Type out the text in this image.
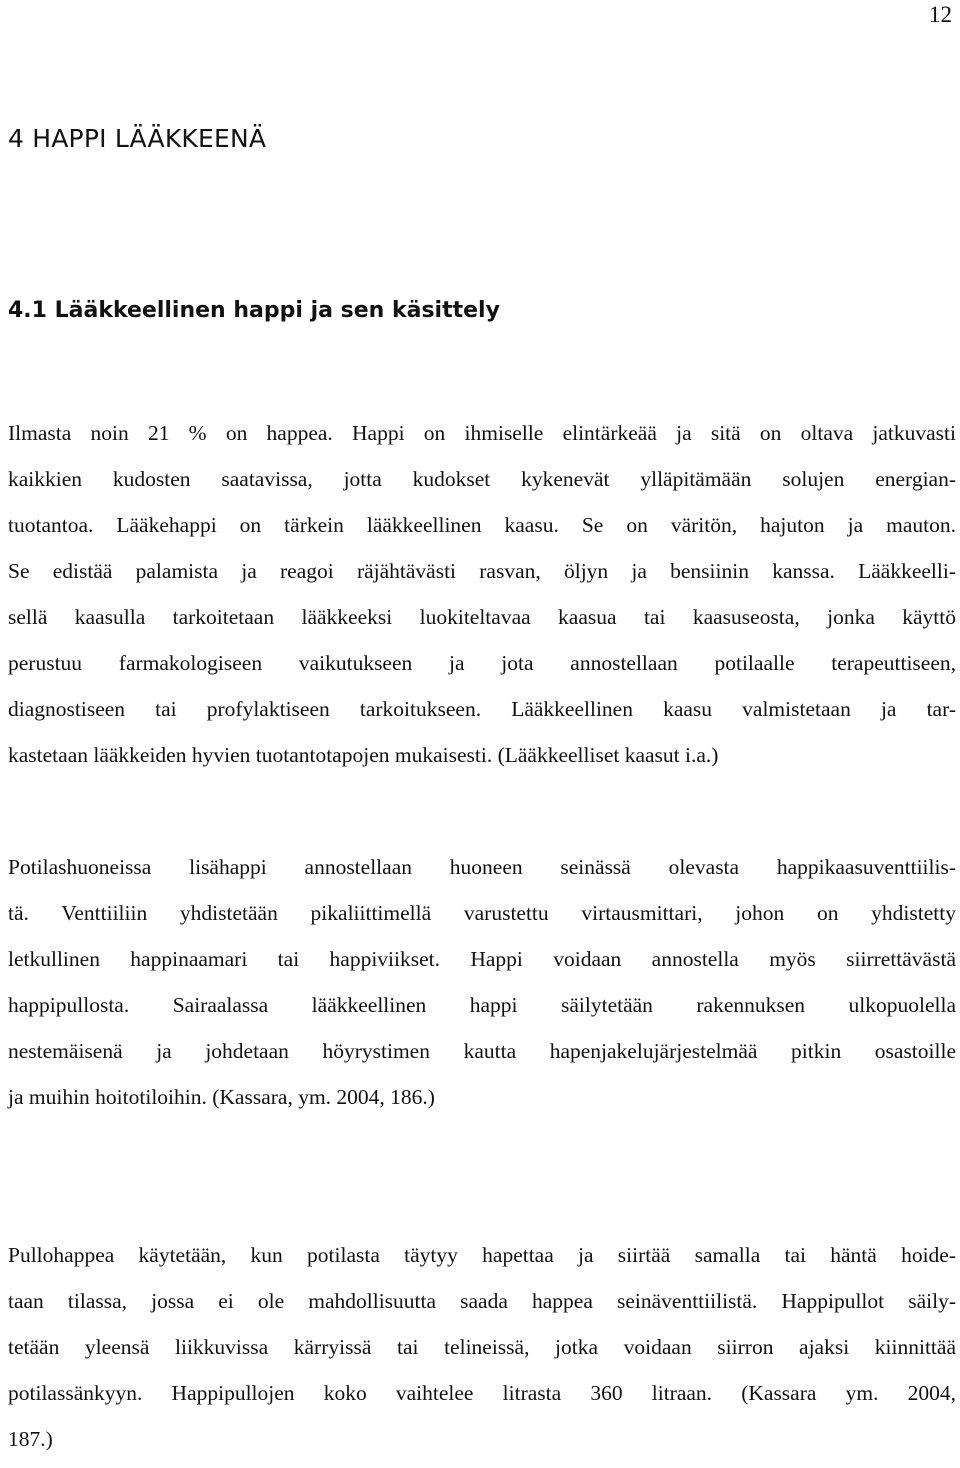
12
4 HAPPI LÄÄKKEENÄ
4.1 Lääkkeellinen happi ja sen käsittely

Ilmasta noin 21 % on happea. Happi on ihmiselle elintärkeää ja sitä on oltava jatkuvasti

kaikkien kudosten saatavissa, jotta kudokset kykenevät ylläpitämään solujen energian-

tuotantoa. Lääkehappi on tärkein lääkkeellinen kaasu. Se on väritön, hajuton ja mauton.

Se edistää palamista ja reagoi räjähtävästi rasvan, öljyn ja bensiinin kanssa. Lääkkeelli-

sellä kaasulla tarkoitetaan lääkkeeksi luokiteltavaa kaasua tai kaasuseosta, jonka käyttö

perustuu farmakologiseen vaikutukseen ja jota annostellaan potilaalle terapeuttiseen,

diagnostiseen tai profylaktiseen tarkoitukseen. Lääkkeellinen kaasu valmistetaan ja tar-

kastetaan lääkkeiden hyvien tuotantotapojen mukaisesti. (Lääkkeelliset kaasut i.a.)

Potilashuoneissa lisähappi annostellaan huoneen seinässä olevasta happikaasuventtiilis-

tä. Venttiiliin yhdistetään pikaliittimellä varustettu virtausmittari, johon on yhdistetty

letkullinen happinaamari tai happiviikset. Happi voidaan annostella myös siirrettävästä

happipullosta. Sairaalassa lääkkeellinen happi säilytetään rakennuksen ulkopuolella

nestemäisenä ja johdetaan höyrystimen kautta hapenjakelujärjestelmää pitkin osastoille

ja muihin hoitotiloihin. (Kassara, ym. 2004, 186.)

Pullohappea käytetään, kun potilasta täytyy hapettaa ja siirtää samalla tai häntä hoide-

taan tilassa, jossa ei ole mahdollisuutta saada happea seinäventtiilistä. Happipullot säily-

tetään yleensä liikkuvissa kärryissä tai telineissä, jotka voidaan siirron ajaksi kiinnittää

potilassänkyyn. Happipullojen koko vaihtelee litrasta 360 litraan. (Kassara ym. 2004,

187.)
